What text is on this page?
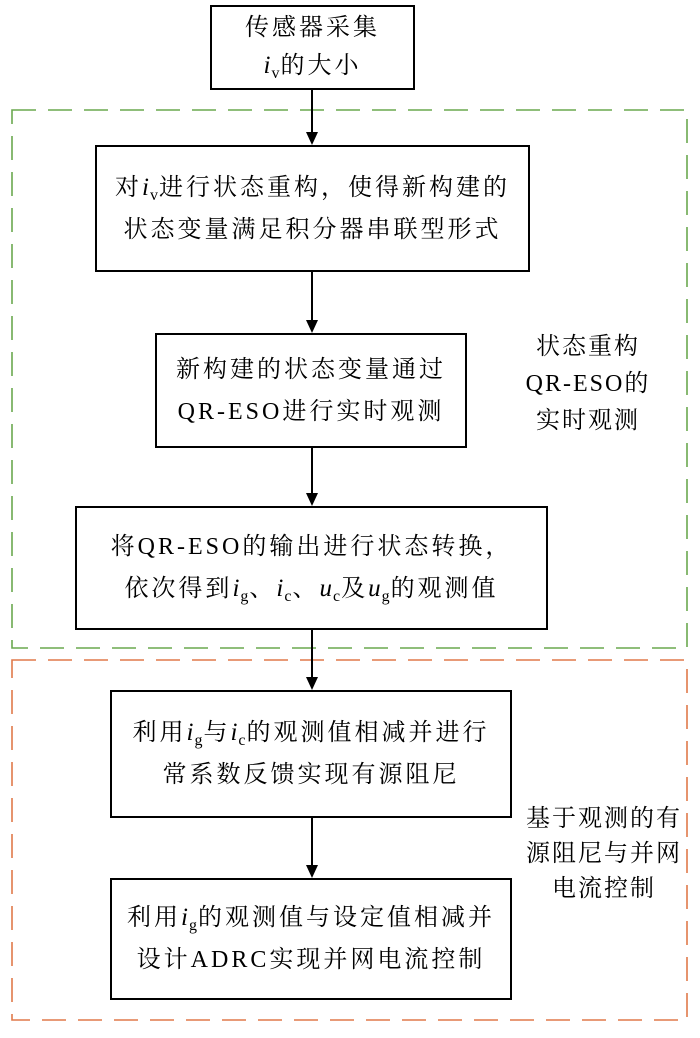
传感器采集
$i_v$的大小
对$i_v$进行状态重构，使得新构建的
状态变量满足积分器串联型形式
新构建的状态变量通过
QR-ESO进行实时观测
将QR-ESO的输出进行状态转换，
依次得到$i_g$、$i_c$、$u_c$及$u_g$的观测值
利用$i_g$与$i_c$的观测值相减并进行
常系数反馈实现有源阻尼
利用$i_g$的观测值与设定值相减并
设计ADRC实现并网电流控制
状态重构
QR-ESO的
实时观测
基于观测的有
源阻尼与并网
电流控制
